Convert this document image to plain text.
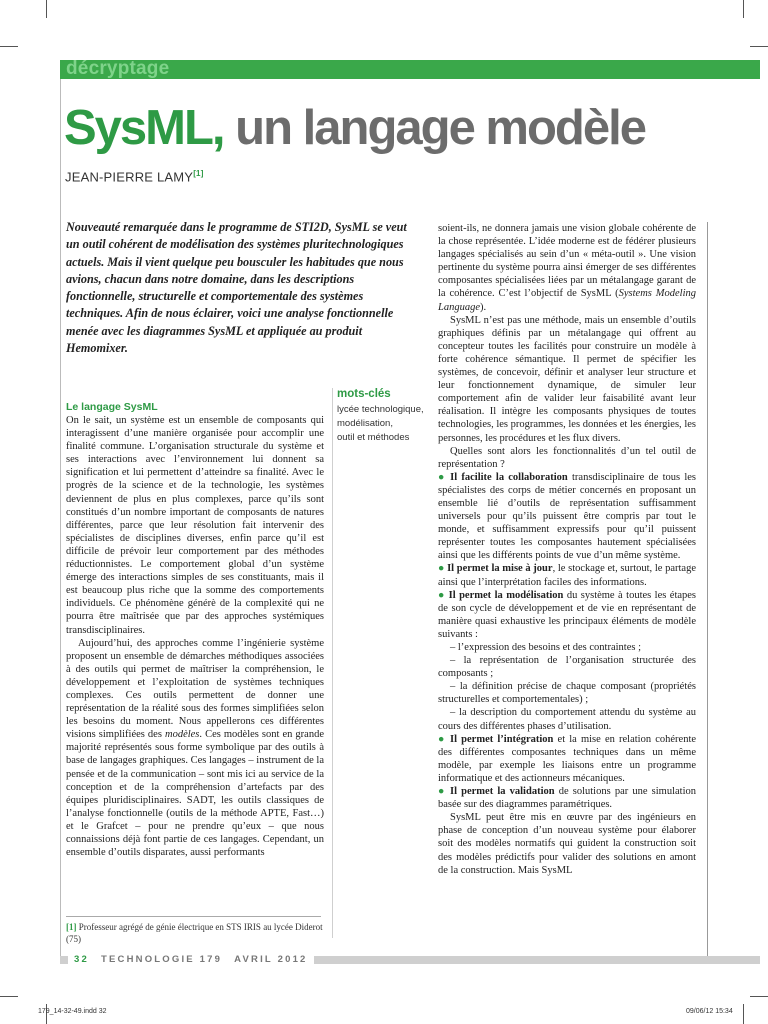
décryptage
SysML, un langage modèle
JEAN-PIERRE LAMY[1]
Nouveauté remarquée dans le programme de STI2D, SysML se veut un outil cohérent de modélisation des systèmes pluritechnologiques actuels. Mais il vient quelque peu bousculer les habitudes que nous avions, chacun dans notre domaine, dans les descriptions fonctionnelle, structurelle et comportementale des systèmes techniques. Afin de nous éclairer, voici une analyse fonctionnelle menée avec les diagrammes SysML et appliquée au produit Hemomixer.
Le langage SysML

On le sait, un système est un ensemble de composants qui interagissent d’une manière organisée pour accomplir une finalité commune. L’organisation structurale du système et ses interactions avec l’environnement lui donnent sa signification et lui permettent d’atteindre sa finalité. Avec le progrès de la science et de la technologie, les systèmes deviennent de plus en plus complexes, parce qu’ils sont constitués d’un nombre important de composants de natures différentes, parce que leur résolution fait intervenir des spécialistes de disciplines diverses, enfin parce qu’il est difficile de prévoir leur comportement par des méthodes réductionnistes. Le comportement global d’un système émerge des interactions simples de ses constituants, mais il est beaucoup plus riche que la somme des comportements individuels. Ce phénomène générè de la complexité qui ne pourra être maîtrisée que par des approches systémiques transdisciplinaires.

Aujourd’hui, des approches comme l’ingénierie système proposent un ensemble de démarches méthodiques associées à des outils qui permet de maîtriser la compréhension, le développement et l’exploitation de systèmes techniques complexes. Ces outils permettent de donner une représentation de la réalité sous des formes simplifiées selon les besoins du moment. Nous appellerons ces différentes visions simplifiées des modèles. Ces modèles sont en grande majorité représentés sous forme symbolique par des outils à base de langages graphiques. Ces langages – instrument de la pensée et de la communication – sont mis ici au service de la conception et de la compréhension d’artefacts par des équipes pluridisciplinaires. SADT, les outils classiques de l’analyse fonctionnelle (outils de la méthode APTE, Fast…) et le Grafcet – pour ne prendre qu’eux – que nous connaissions déjà font partie de ces langages. Cependant, un ensemble d’outils disparates, aussi performants

mots-clés
lycée technologique,
modélisation,
outil et méthodes
[1] Professeur agrégé de génie électrique en STS IRIS au lycée Diderot (75)

soient-ils, ne donnera jamais une vision globale cohérente de la chose représentée. L’idée moderne est de fédérer plusieurs langages spécialisés au sein d’un « méta-outil ». Une vision pertinente du système pourra ainsi émerger de ses différentes composantes spécialisées liées par un métalangage garant de la cohérence. C’est l’objectif de SysML (Systems Modeling Language).

SysML n’est pas une méthode, mais un ensemble d’outils graphiques définis par un métalangage qui offrent au concepteur toutes les facilités pour construire un modèle à forte cohérence sémantique. Il permet de spécifier les systèmes, de concevoir, définir et analyser leur structure et leur fonctionnement dynamique, de simuler leur comportement afin de valider leur faisabilité avant leur réalisation. Il intègre les composants physiques de toutes technologies, les programmes, les données et les énergies, les personnes, les procédures et les flux divers.

Quelles sont alors les fonctionnalités d’un tel outil de représentation ?

● Il facilite la collaboration transdisciplinaire de tous les spécialistes des corps de métier concernés en proposant un ensemble lié d’outils de représentation suffisamment universels pour qu’ils puissent être compris par tout le monde, et suffisamment expressifs pour qu’il puissent représenter toutes les composantes hautement spécialisées ainsi que les différents points de vue d’un même système.

● Il permet la mise à jour, le stockage et, surtout, le partage ainsi que l’interprétation faciles des informations.

● Il permet la modélisation du système à toutes les étapes de son cycle de développement et de vie en représentant de manière quasi exhaustive les principaux éléments de modèle suivants :

– l’expression des besoins et des contraintes ;

– la représentation de l’organisation structurée des composants ;

– la définition précise de chaque composant (propriétés structurelles et comportementales) ;

– la description du comportement attendu du système au cours des différentes phases d’utilisation.

● Il permet l’intégration et la mise en relation cohérente des différentes composantes techniques dans un même modèle, par exemple les liaisons entre un programme informatique et des actionneurs mécaniques.

● Il permet la validation de solutions par une simulation basée sur des diagrammes paramétriques.

SysML peut être mis en œuvre par des ingénieurs en phase de conception d’un nouveau système pour élaborer soit des modèles normatifs qui guident la construction soit des modèles prédictifs pour valider des solutions en amont de la construction. Mais SysML

32 TECHNOLOGIE 179 AVRIL 2012
179_14-32-49.indd 32	09/06/12 15:34
